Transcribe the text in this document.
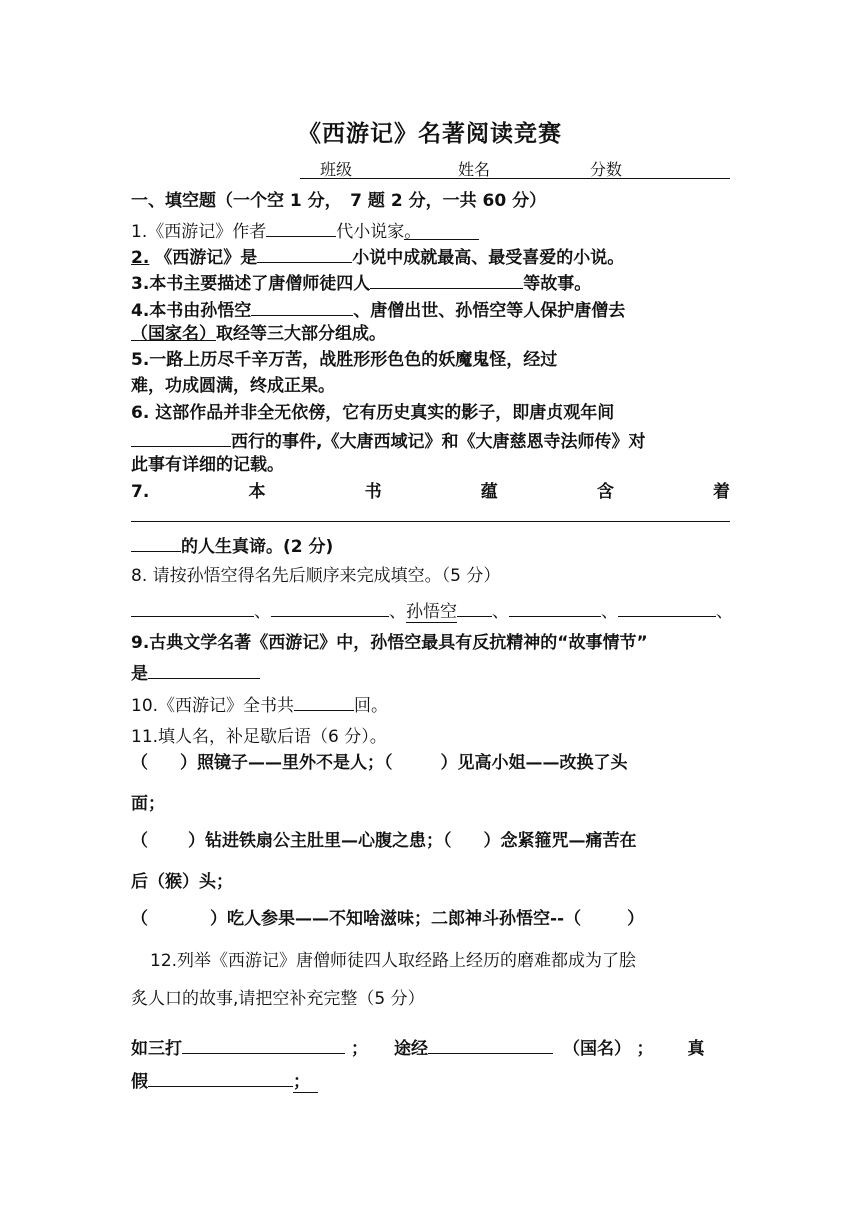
《西游记》名著阅读竞赛
班级	姓名	分数
一、填空题（一个空 1 分，　7 题 2 分，一共 60 分）
1.《西游记》作者	代小说家。
2. 《西游记》是	小说中成就最高、最受喜爱的小说。
3.本书主要描述了唐僧师徒四人	等故事。
4.本书由孙悟空	、唐僧出世、孙悟空等人保护唐僧去
（国家名）取经等三大部分组成。
5.一路上历尽千辛万苦，战胜形形色色的妖魔鬼怪，经过
难，功成圆满，终成正果。
6. 这部作品并非全无依傍，它有历史真实的影子，即唐贞观年间
西行的事件,《大唐西域记》和《大唐慈恩寺法师传》对
此事有详细的记载。
7.	本	书	蕴	含	着
的人生真谛。(2 分)
8. 请按孙悟空得名先后顺序来完成填空。（5 分）
、	、孙悟空 、	、	、
9.古典文学名著《西游记》中，孙悟空最具有反抗精神的“故事情节”
是
10.《西游记》全书共	回。
11.填人名，补足歇后语（6 分）。
（ ）照镜子——里外不是人；（	）见高小姐——改换了头
面；
（ ）钻进铁扇公主肚里—心腹之患；（ ）念紧箍咒—痛苦在
后（猴）头；
（	）吃人参果——不知啥滋味；二郎神斗孙悟空--（	）
12.列举《西游记》唐僧师徒四人取经路上经历的磨难都成为了脍
炙人口的故事,请把空补充完整（5 分）
如三打	； 途经	（国名） ； 真
假	；
